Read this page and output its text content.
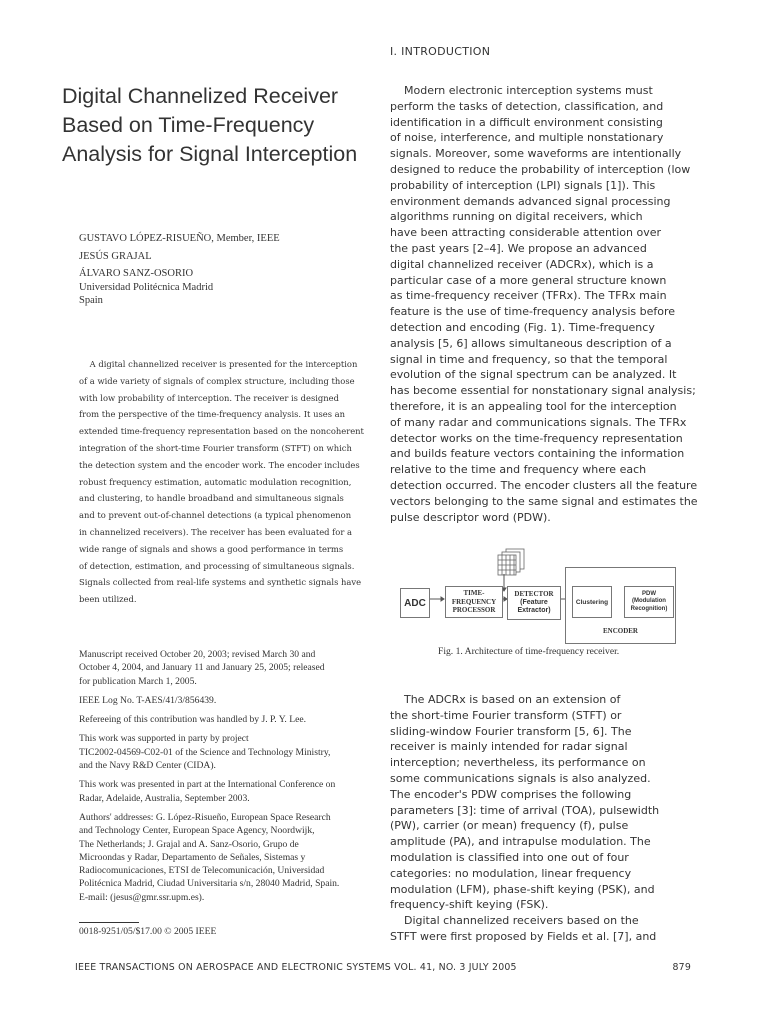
Digital Channelized Receiver
Based on Time-Frequency
Analysis for Signal Interception
GUSTAVO LÓPEZ-RISUEÑO, Member, IEEE
JESÚS GRAJAL
ÁLVARO SANZ-OSORIO
Universidad Politécnica Madrid
Spain
A digital channelized receiver is presented for the interception
of a wide variety of signals of complex structure, including those
with low probability of interception. The receiver is designed
from the perspective of the time-frequency analysis. It uses an
extended time-frequency representation based on the noncoherent
integration of the short-time Fourier transform (STFT) on which
the detection system and the encoder work. The encoder includes
robust frequency estimation, automatic modulation recognition,
and clustering, to handle broadband and simultaneous signals
and to prevent out-of-channel detections (a typical phenomenon
in channelized receivers). The receiver has been evaluated for a
wide range of signals and shows a good performance in terms
of detection, estimation, and processing of simultaneous signals.
Signals collected from real-life systems and synthetic signals have
been utilized.
Manuscript received October 20, 2003; revised March 30 and
October 4, 2004, and January 11 and January 25, 2005; released
for publication March 1, 2005.
IEEE Log No. T-AES/41/3/856439.
Refereeing of this contribution was handled by J. P. Y. Lee.
This work was supported in party by project
TIC2002-04569-C02-01 of the Science and Technology Ministry,
and the Navy R&D Center (CIDA).
This work was presented in part at the International Conference on
Radar, Adelaide, Australia, September 2003.
Authors' addresses: G. López-Risueño, European Space Research
and Technology Center, European Space Agency, Noordwijk,
The Netherlands; J. Grajal and A. Sanz-Osorio, Grupo de
Microondas y Radar, Departamento de Señales, Sistemas y
Radiocomunicaciones, ETSI de Telecomunicación, Universidad
Politécnica Madrid, Ciudad Universitaria s/n, 28040 Madrid, Spain.
E-mail: (jesus@gmr.ssr.upm.es).
0018-9251/05/$17.00 © 2005 IEEE
I. INTRODUCTION
Modern electronic interception systems must
perform the tasks of detection, classification, and
identification in a difficult environment consisting
of noise, interference, and multiple nonstationary
signals. Moreover, some waveforms are intentionally
designed to reduce the probability of interception (low
probability of interception (LPI) signals [1]). This
environment demands advanced signal processing
algorithms running on digital receivers, which
have been attracting considerable attention over
the past years [2–4]. We propose an advanced
digital channelized receiver (ADCRx), which is a
particular case of a more general structure known
as time-frequency receiver (TFRx). The TFRx main
feature is the use of time-frequency analysis before
detection and encoding (Fig. 1). Time-frequency
analysis [5, 6] allows simultaneous description of a
signal in time and frequency, so that the temporal
evolution of the signal spectrum can be analyzed. It
has become essential for nonstationary signal analysis;
therefore, it is an appealing tool for the interception
of many radar and communications signals. The TFRx
detector works on the time-frequency representation
and builds feature vectors containing the information
relative to the time and frequency where each
detection occurred. The encoder clusters all the feature
vectors belonging to the same signal and estimates the
pulse descriptor word (PDW).
ADC
TIME-
FREQUENCY
PROCESSOR
DETECTOR
(Feature
Extractor)
ENCODER
Clustering
PDW
(Modulation
Recognition)
Fig. 1. Architecture of time-frequency receiver.
The ADCRx is based on an extension of
the short-time Fourier transform (STFT) or
sliding-window Fourier transform [5, 6]. The
receiver is mainly intended for radar signal
interception; nevertheless, its performance on
some communications signals is also analyzed.
The encoder's PDW comprises the following
parameters [3]: time of arrival (TOA), pulsewidth
(PW), carrier (or mean) frequency (f), pulse
amplitude (PA), and intrapulse modulation. The
modulation is classified into one out of four
categories: no modulation, linear frequency
modulation (LFM), phase-shift keying (PSK), and
frequency-shift keying (FSK).
Digital channelized receivers based on the
STFT were first proposed by Fields et al. [7], and
IEEE TRANSACTIONS ON AEROSPACE AND ELECTRONIC SYSTEMS VOL. 41, NO. 3 JULY 2005	879
